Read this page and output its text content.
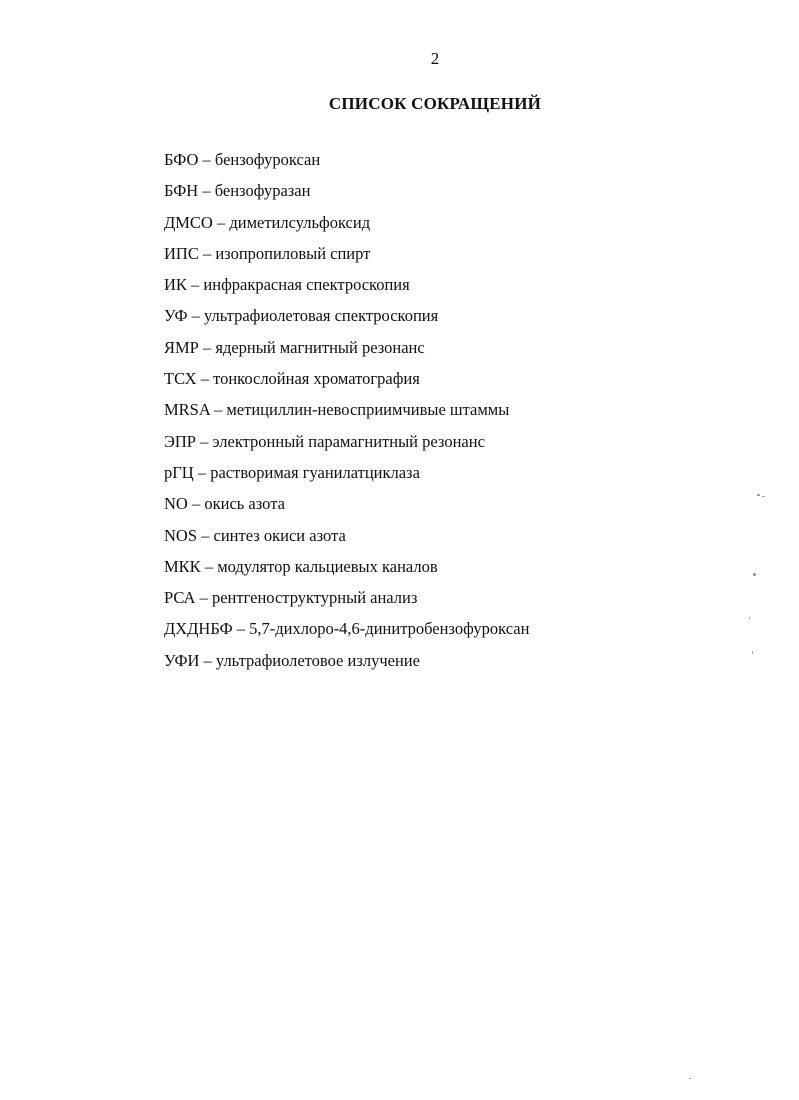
2
СПИСОК СОКРАЩЕНИЙ
БФО – бензофуроксан
БФН – бензофуразан
ДМСО – диметилсульфоксид
ИПС – изопропиловый спирт
ИК – инфракрасная спектроскопия
УФ – ультрафиолетовая спектроскопия
ЯМР – ядерный магнитный резонанс
ТСХ – тонкослойная хроматография
MRSA – метициллин-невосприимчивые штаммы
ЭПР – электронный парамагнитный резонанс
рГЦ – растворимая гуанилатциклаза
NO – окись азота
NOS – синтез окиси азота
МКК – модулятор кальциевых каналов
РСА – рентгеноструктурный анализ
ДХДНБФ – 5,7-дихлоро-4,6-динитробензофуроксан
УФИ – ультрафиолетовое излучение
